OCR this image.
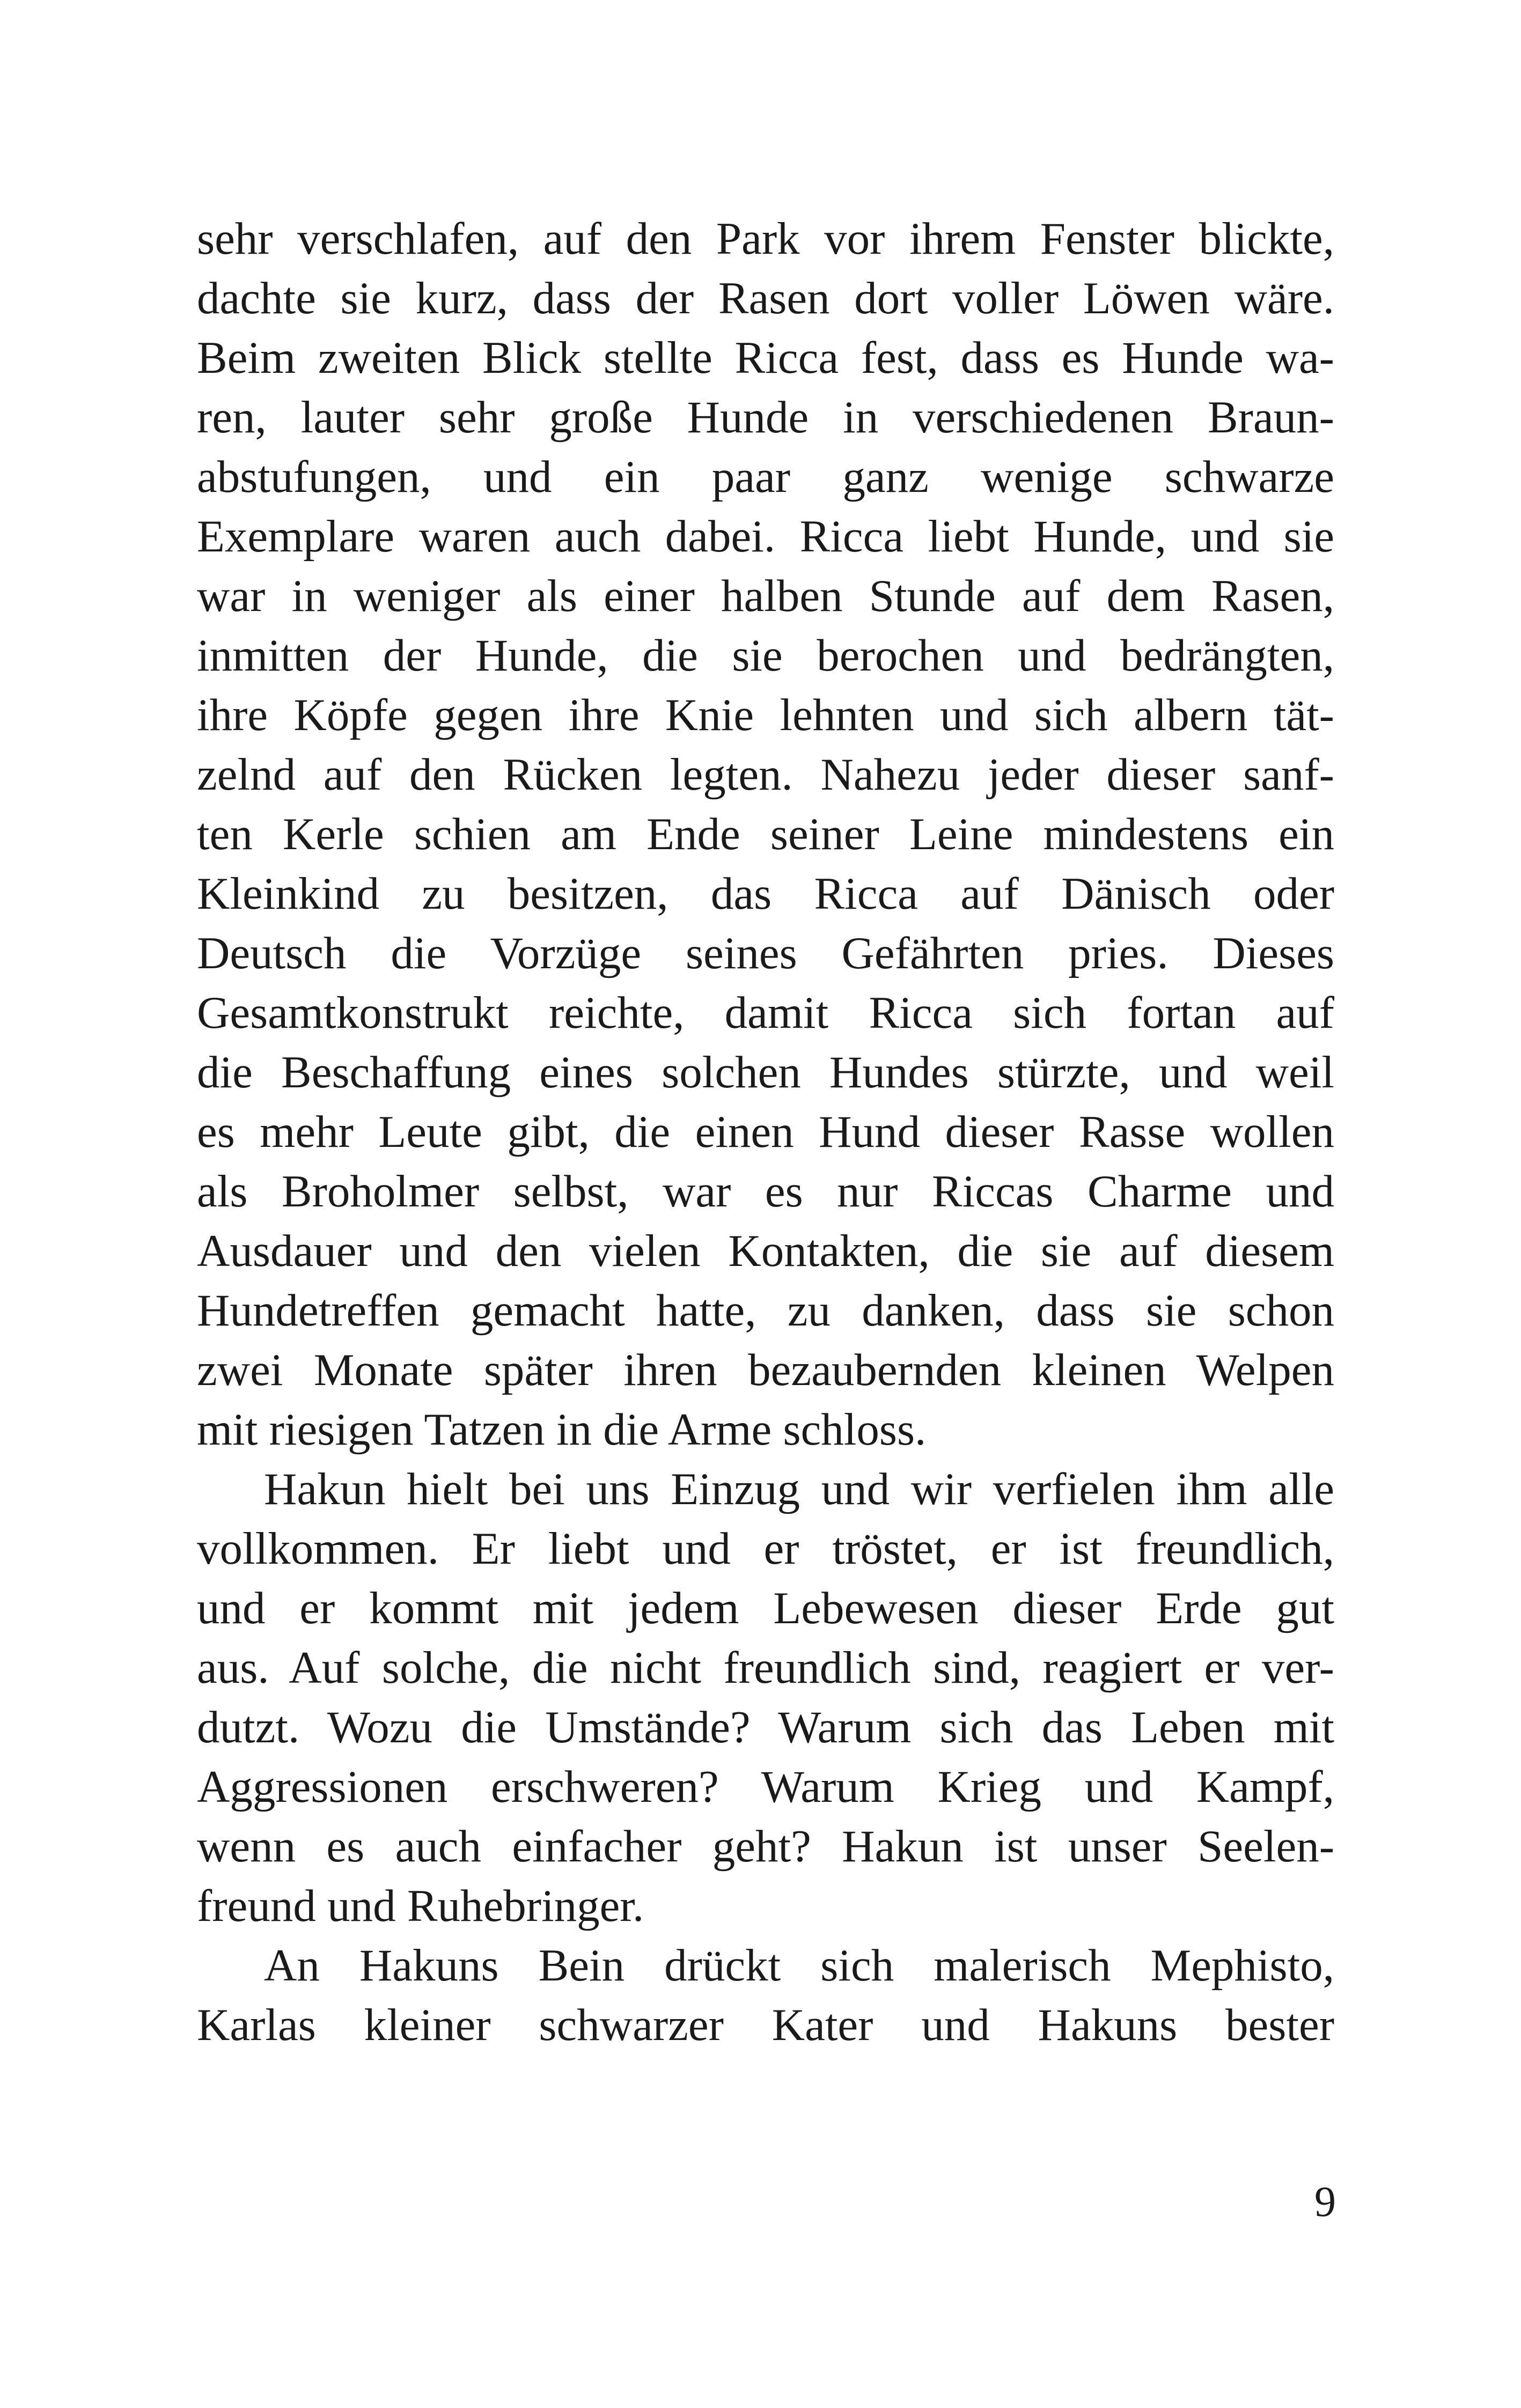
sehr verschlafen, auf den Park vor ihrem Fenster blickte,
dachte sie kurz, dass der Rasen dort voller Löwen wäre.
Beim zweiten Blick stellte Ricca fest, dass es Hunde wa-
ren, lauter sehr große Hunde in verschiedenen Braun-
abstufungen, und ein paar ganz wenige schwarze
Exemplare waren auch dabei. Ricca liebt Hunde, und sie
war in weniger als einer halben Stunde auf dem Rasen,
inmitten der Hunde, die sie berochen und bedrängten,
ihre Köpfe gegen ihre Knie lehnten und sich albern tät-
zelnd auf den Rücken legten. Nahezu jeder dieser sanf-
ten Kerle schien am Ende seiner Leine mindestens ein
Kleinkind zu besitzen, das Ricca auf Dänisch oder
Deutsch die Vorzüge seines Gefährten pries. Dieses
Gesamtkonstrukt reichte, damit Ricca sich fortan auf
die Beschaffung eines solchen Hundes stürzte, und weil
es mehr Leute gibt, die einen Hund dieser Rasse wollen
als Broholmer selbst, war es nur Riccas Charme und
Ausdauer und den vielen Kontakten, die sie auf diesem
Hundetreffen gemacht hatte, zu danken, dass sie schon
zwei Monate später ihren bezaubernden kleinen Welpen
mit riesigen Tatzen in die Arme schloss.
Hakun hielt bei uns Einzug und wir verfielen ihm alle
vollkommen. Er liebt und er tröstet, er ist freundlich,
und er kommt mit jedem Lebewesen dieser Erde gut
aus. Auf solche, die nicht freundlich sind, reagiert er ver-
dutzt. Wozu die Umstände? Warum sich das Leben mit
Aggressionen erschweren? Warum Krieg und Kampf,
wenn es auch einfacher geht? Hakun ist unser Seelen-
freund und Ruhebringer.
An Hakuns Bein drückt sich malerisch Mephisto,
Karlas kleiner schwarzer Kater und Hakuns bester
9
